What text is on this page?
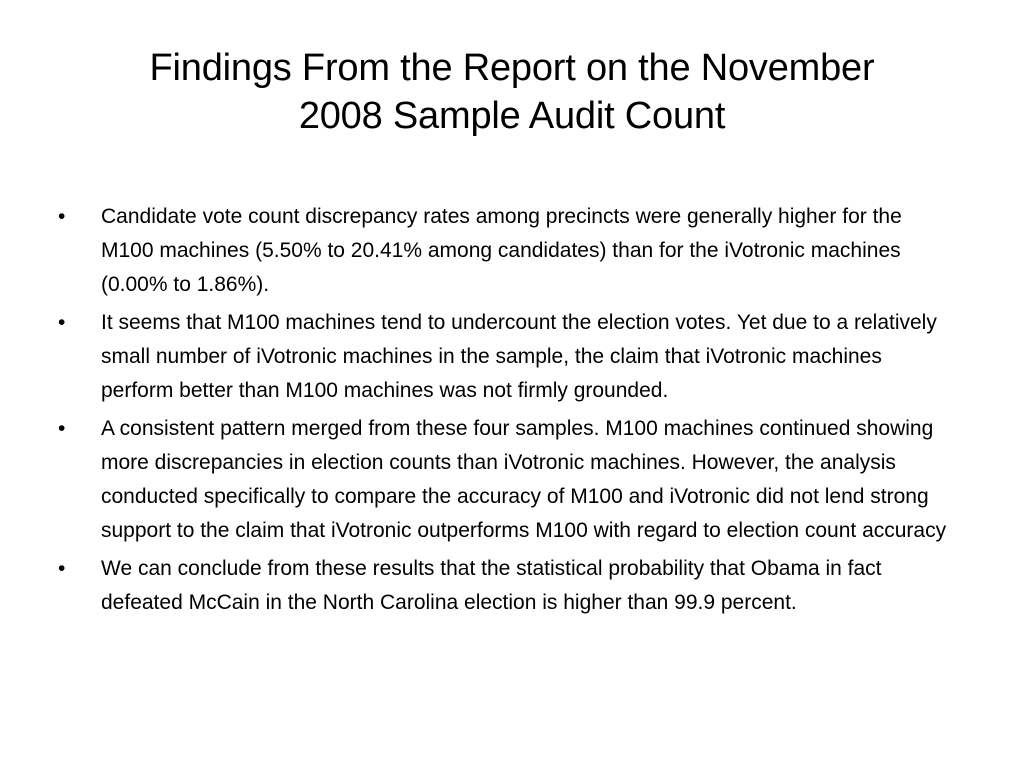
Findings From the Report on the November
2008 Sample Audit Count
•	Candidate vote count discrepancy rates among precincts were generally higher for the M100 machines (5.50% to 20.41% among candidates) than for the iVotronic machines (0.00% to 1.86%).
•	It seems that M100 machines tend to undercount the election votes. Yet due to a relatively small number of iVotronic machines in the sample, the claim that iVotronic machines perform better than M100 machines was not firmly grounded.
•	A consistent pattern merged from these four samples. M100 machines continued showing more discrepancies in election counts than iVotronic machines. However, the analysis conducted specifically to compare the accuracy of M100 and iVotronic did not lend strong support to the claim that iVotronic outperforms M100 with regard to election count accuracy
•	We can conclude from these results that the statistical probability that Obama in fact defeated McCain in the North Carolina election is higher than 99.9 percent.
